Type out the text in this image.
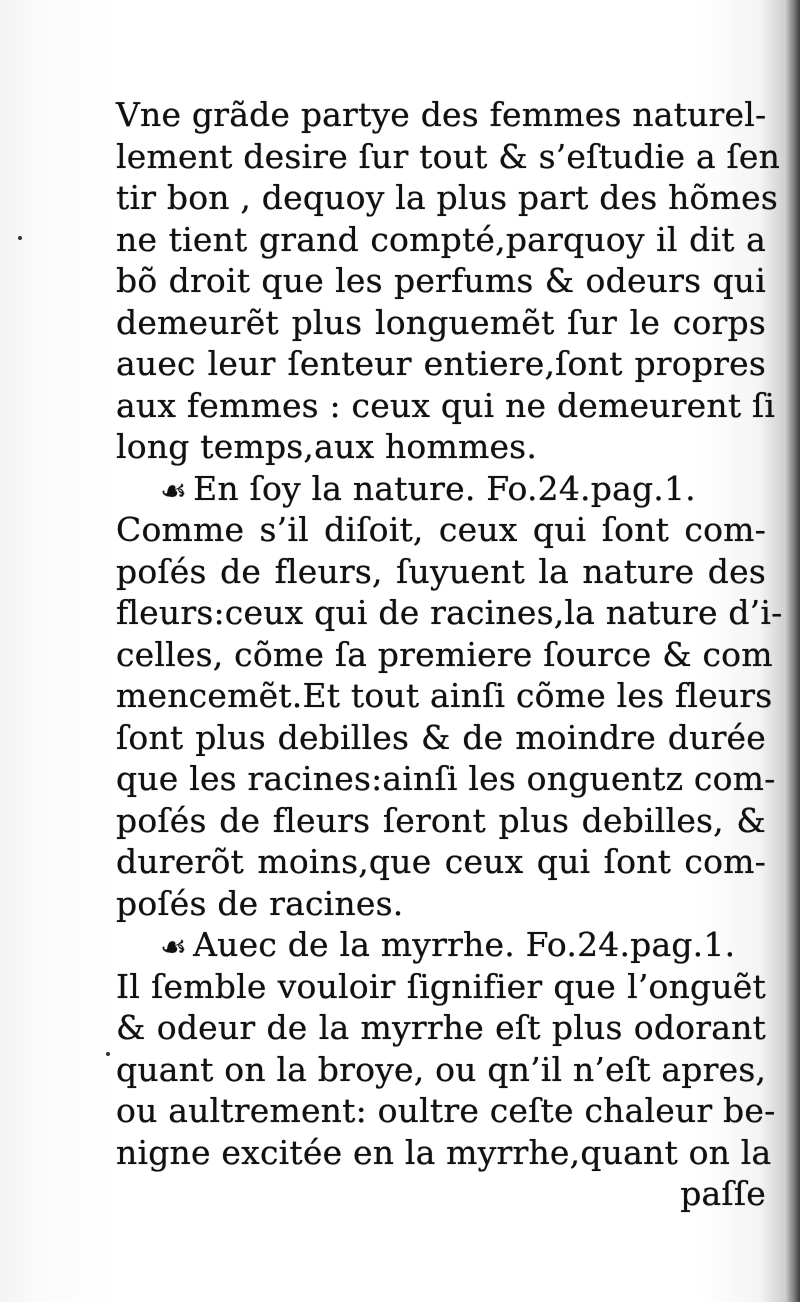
Vne grãde partye des femmes naturel-
lement desire ſur tout & s’eſtudie a ſen
tir bon , dequoy la plus part des hõmes
ne tient grand compté,parquoy il dit a
bõ droit que les perfums & odeurs qui
demeurẽt plus longuemẽt ſur le corps
auec leur ſenteur entiere,ſont propres
aux femmes : ceux qui ne demeurent ſi
long temps,aux hommes.
☙ En ſoy la nature. Fo.24.pag.1.
Comme s’il diſoit, ceux qui ſont com-
poſés de fleurs, ſuyuent la nature des
fleurs:ceux qui de racines,la nature d’i-
celles, cõme ſa premiere ſource & com
mencemẽt.Et tout ainſi cõme les fleurs
ſont plus debilles & de moindre durée
que les racines:ainſi les onguentz com-
poſés de fleurs ſeront plus debilles, &
durerõt moins,que ceux qui ſont com-
poſés de racines.
☙ Auec de la myrrhe. Fo.24.pag.1.
Il ſemble vouloir ſignifier que l’onguẽt
& odeur de la myrrhe eſt plus odorant
quant on la broye, ou qn’il n’eſt apres,
ou aultrement: oultre ceſte chaleur be-
nigne excitée en la myrrhe,quant on la
paſſe
